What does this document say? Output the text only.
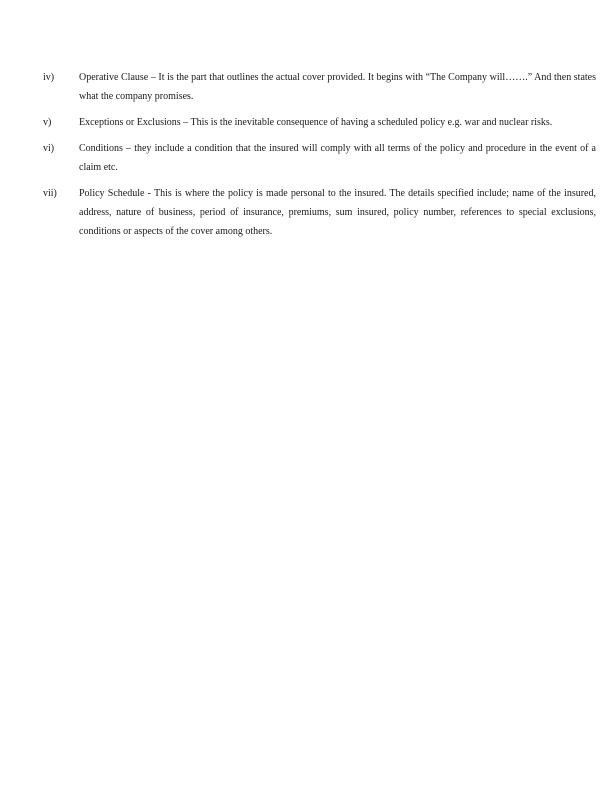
iv)	Operative Clause – It is the part that outlines the actual cover provided. It begins with “The Company will…….” And then states what the company promises.
v)	Exceptions or Exclusions – This is the inevitable consequence of having a scheduled policy e.g. war and nuclear risks.
vi)	Conditions – they include a condition that the insured will comply with all terms of the policy and procedure in the event of a claim etc.
vii)	Policy Schedule - This is where the policy is made personal to the insured. The details specified include; name of the insured, address, nature of business, period of insurance, premiums, sum insured, policy number, references to special exclusions, conditions or aspects of the cover among others.
